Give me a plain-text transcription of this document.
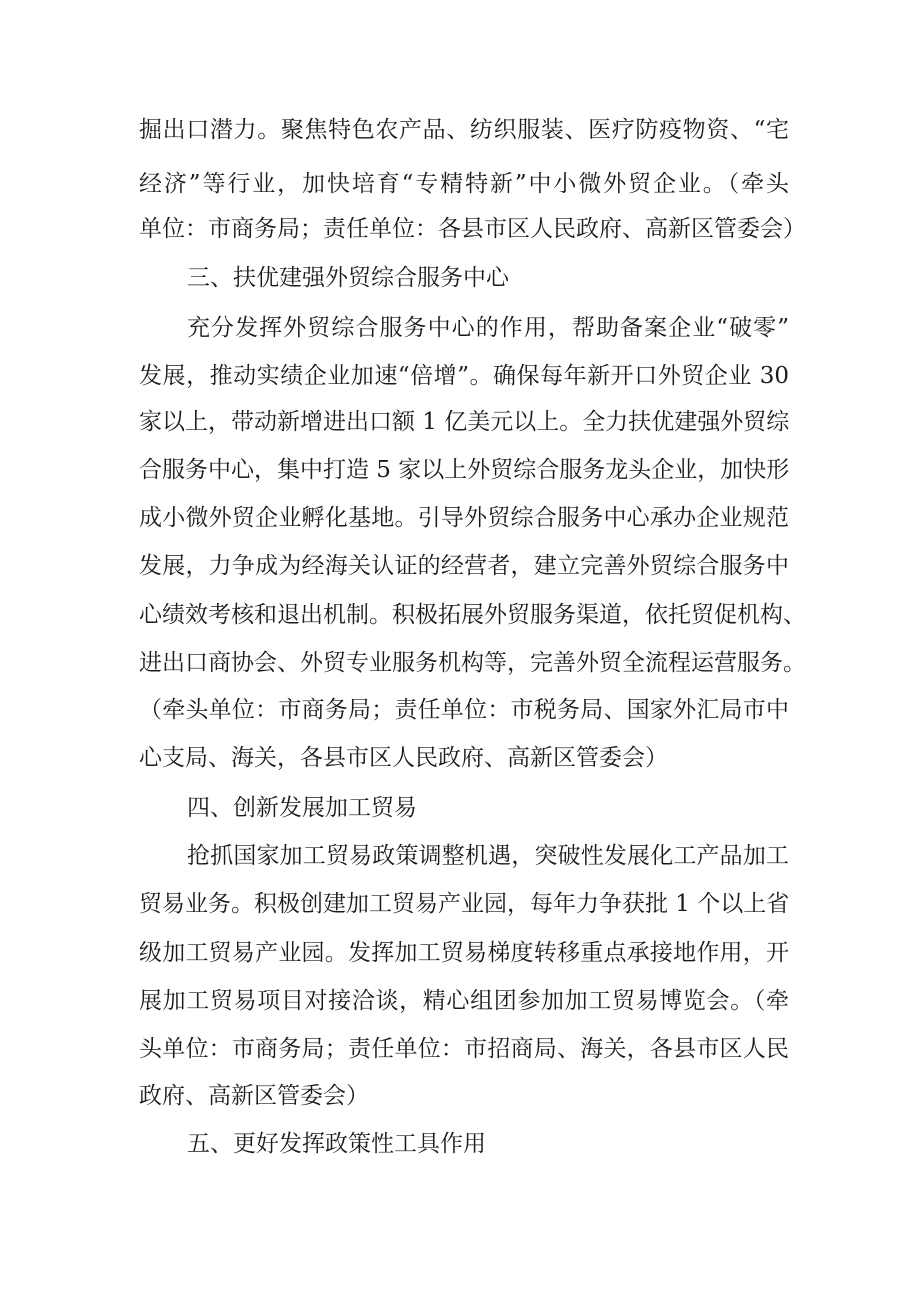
掘出口潜力。聚焦特色农产品、纺织服装、医疗防疫物资、“宅
经济”等行业，加快培育“专精特新”中小微外贸企业。（牵头
单位：市商务局；责任单位：各县市区人民政府、高新区管委会）
三、扶优建强外贸综合服务中心
充分发挥外贸综合服务中心的作用，帮助备案企业“破零”
发展，推动实绩企业加速“倍增”。确保每年新开口外贸企业 30
家以上，带动新增进出口额 1 亿美元以上。全力扶优建强外贸综
合服务中心，集中打造 5 家以上外贸综合服务龙头企业，加快形
成小微外贸企业孵化基地。引导外贸综合服务中心承办企业规范
发展，力争成为经海关认证的经营者，建立完善外贸综合服务中
心绩效考核和退出机制。积极拓展外贸服务渠道，依托贸促机构、
进出口商协会、外贸专业服务机构等，完善外贸全流程运营服务。
（牵头单位：市商务局；责任单位：市税务局、国家外汇局市中
心支局、海关，各县市区人民政府、高新区管委会）
四、创新发展加工贸易
抢抓国家加工贸易政策调整机遇，突破性发展化工产品加工
贸易业务。积极创建加工贸易产业园，每年力争获批 1 个以上省
级加工贸易产业园。发挥加工贸易梯度转移重点承接地作用，开
展加工贸易项目对接洽谈，精心组团参加加工贸易博览会。（牵
头单位：市商务局；责任单位：市招商局、海关，各县市区人民
政府、高新区管委会）
五、更好发挥政策性工具作用
